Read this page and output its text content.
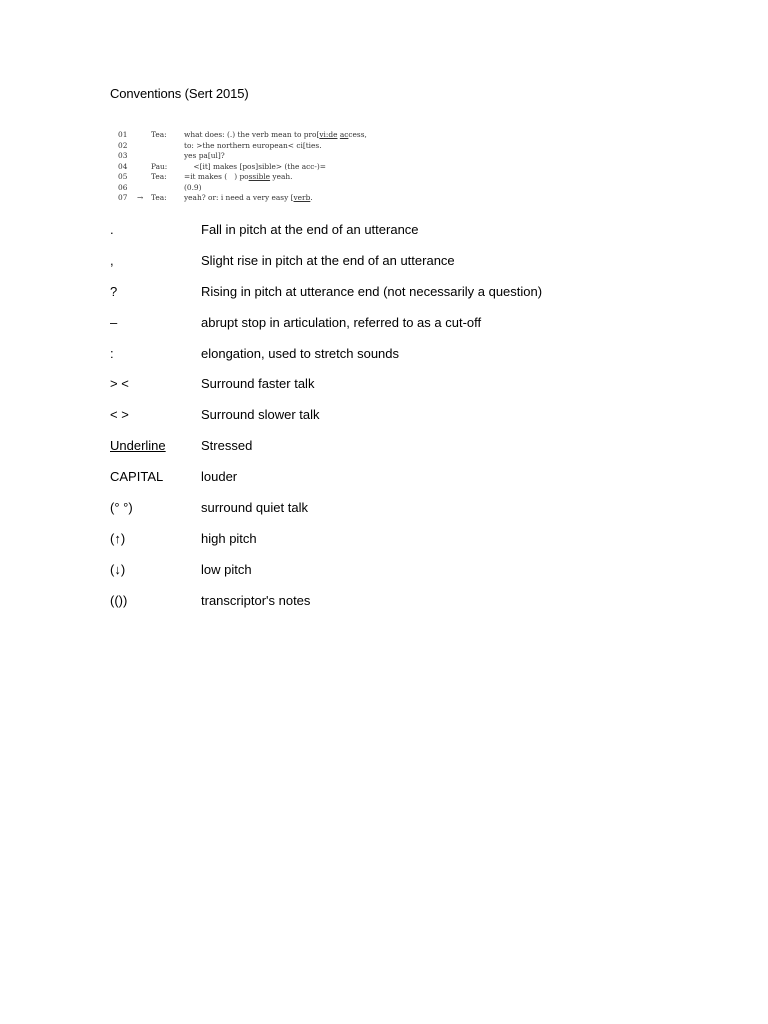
Conventions (Sert 2015)
01	Tea: what does: (.) the verb mean to pro[vi:de access,
02	to: >the northern european< ci[ties.
03	yes pa[ul]?
04	Pau: <[it] makes [pos]sible> (the acc-)=
05	Tea: =it makes (   ) possible yeah.
06	(0.9)
07 → Tea: yeah? or: i need a very easy [verb.
.	Fall in pitch at the end of an utterance
,	Slight rise in pitch at the end of an utterance
?	Rising in pitch at utterance end (not necessarily a question)
–	abrupt stop in articulation, referred to as a cut-off
:	elongation, used to stretch sounds
> <	Surround faster talk
< >	Surround slower talk
Underline	Stressed
CAPITAL	louder
(° °)	surround quiet talk
(↑)	high pitch
(↓)	low pitch
(())	transcriptor's notes
